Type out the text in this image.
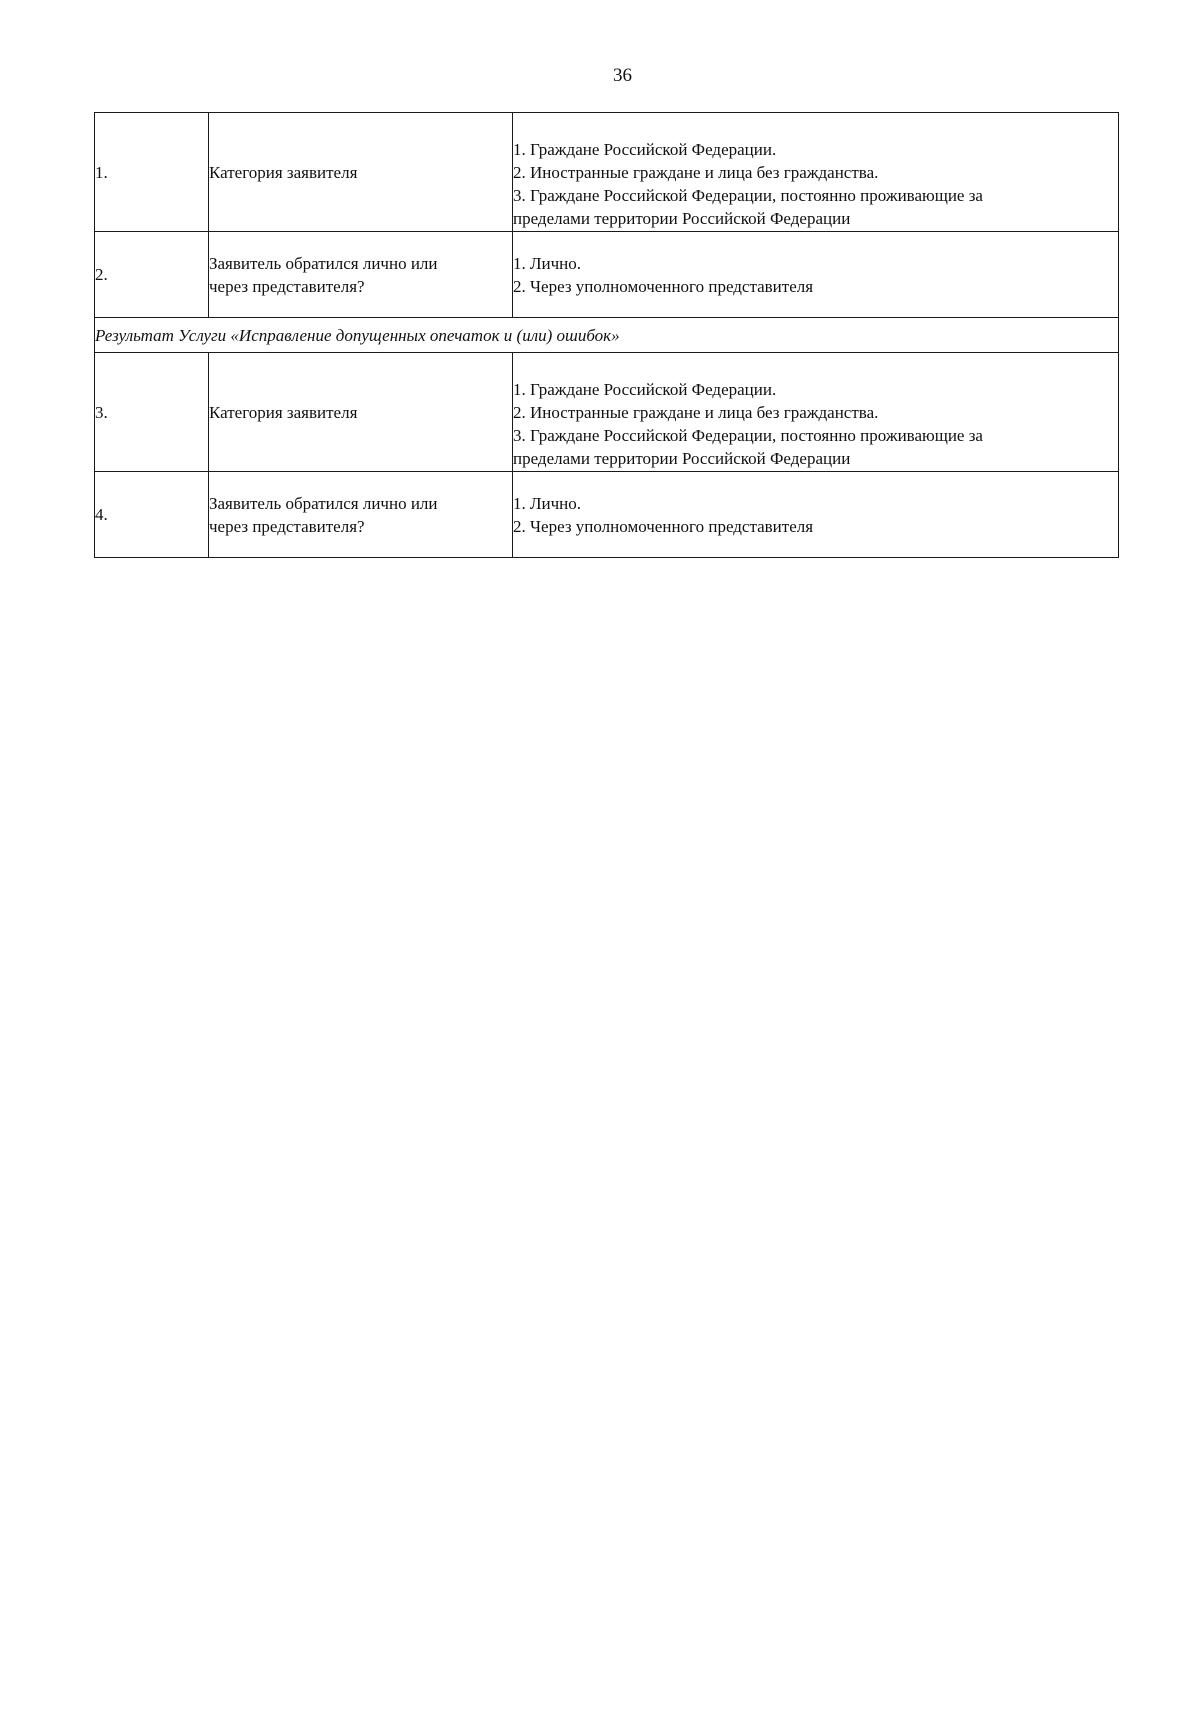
36
1.	Категория заявителя	1. Граждане Российской Федерации.
2. Иностранные граждане и лица без гражданства.
3. Граждане Российской Федерации, постоянно проживающие за
пределами территории Российской Федерации

2.	Заявитель обратился лично или
через представителя?	1. Лично.
2. Через уполномоченного представителя

Результат Услуги «Исправление допущенных опечаток и (или) ошибок»		
3.	Категория заявителя	1. Граждане Российской Федерации.
2. Иностранные граждане и лица без гражданства.
3. Граждане Российской Федерации, постоянно проживающие за
пределами территории Российской Федерации

4.	Заявитель обратился лично или
через представителя?	1. Лично.
2. Через уполномоченного представителя
